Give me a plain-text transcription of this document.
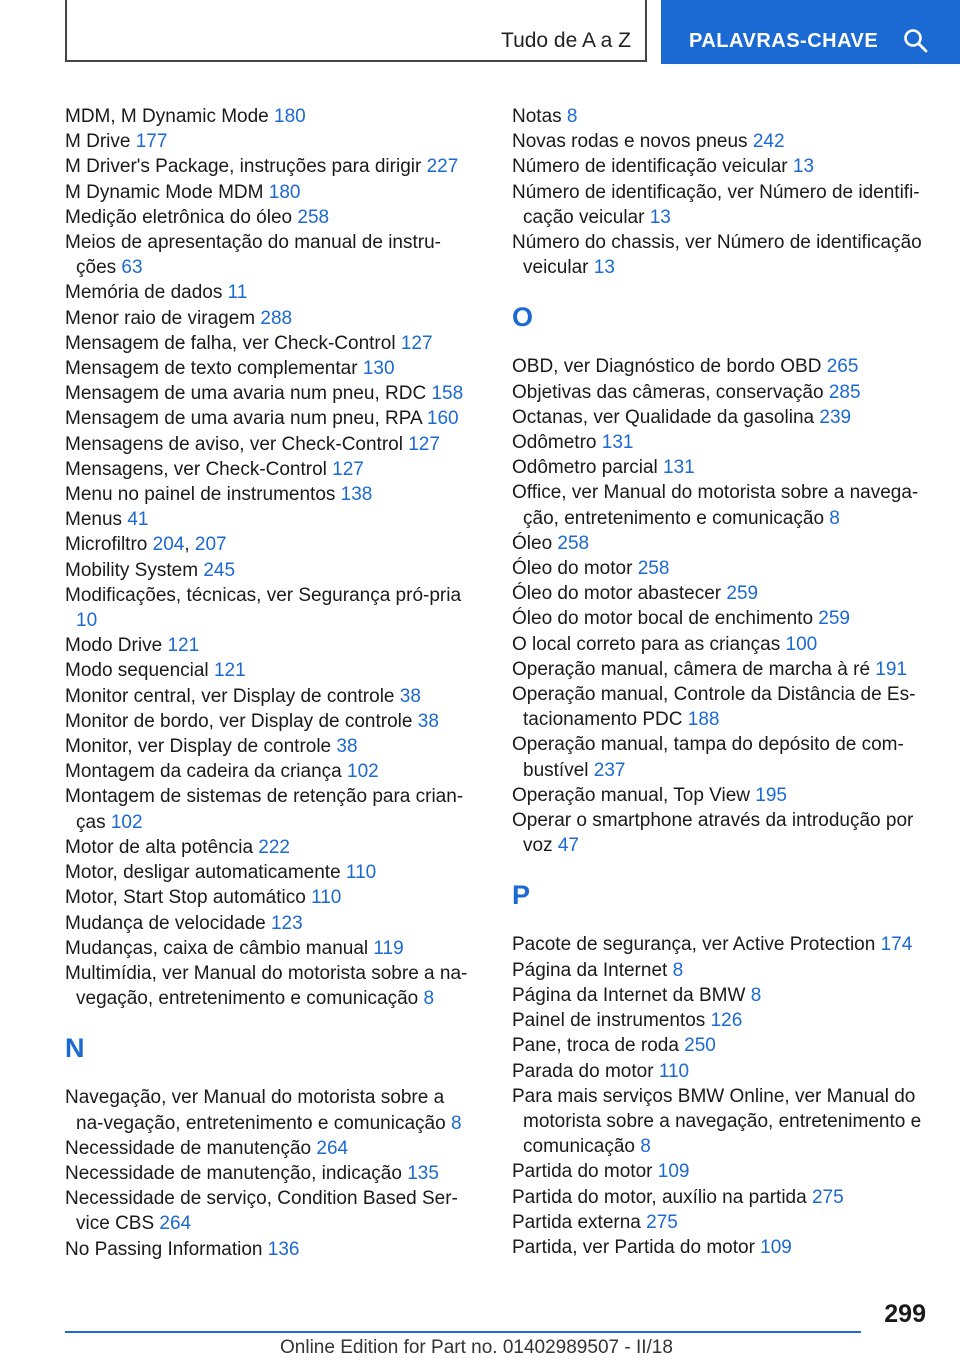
Tudo de A a Z	PALAVRAS-CHAVE
MDM, M Dynamic Mode 180
M Drive 177
M Driver's Package, instruções para dirigir 227
M Dynamic Mode MDM 180
Medição eletrônica do óleo 258
Meios de apresentação do manual de instru-ções 63
Memória de dados 11
Menor raio de viragem 288
Mensagem de falha, ver Check-Control 127
Mensagem de texto complementar 130
Mensagem de uma avaria num pneu, RDC 158
Mensagem de uma avaria num pneu, RPA 160
Mensagens de aviso, ver Check-Control 127
Mensagens, ver Check-Control 127
Menu no painel de instrumentos 138
Menus 41
Microfiltro 204, 207
Mobility System 245
Modificações, técnicas, ver Segurança pró-pria 10
Modo Drive 121
Modo sequencial 121
Monitor central, ver Display de controle 38
Monitor de bordo, ver Display de controle 38
Monitor, ver Display de controle 38
Montagem da cadeira da criança 102
Montagem de sistemas de retenção para crian-ças 102
Motor de alta potência 222
Motor, desligar automaticamente 110
Motor, Start Stop automático 110
Mudança de velocidade 123
Mudanças, caixa de câmbio manual 119
Multimídia, ver Manual do motorista sobre a na-vegação, entretenimento e comunicação 8
N
Navegação, ver Manual do motorista sobre a na-vegação, entretenimento e comunicação 8
Necessidade de manutenção 264
Necessidade de manutenção, indicação 135
Necessidade de serviço, Condition Based Ser-vice CBS 264
No Passing Information 136
Notas 8
Novas rodas e novos pneus 242
Número de identificação veicular 13
Número de identificação, ver Número de identifi-cação veicular 13
Número do chassis, ver Número de identificação veicular 13
O
OBD, ver Diagnóstico de bordo OBD 265
Objetivas das câmeras, conservação 285
Octanas, ver Qualidade da gasolina 239
Odômetro 131
Odômetro parcial 131
Office, ver Manual do motorista sobre a navega-ção, entretenimento e comunicação 8
Óleo 258
Óleo do motor 258
Óleo do motor abastecer 259
Óleo do motor bocal de enchimento 259
O local correto para as crianças 100
Operação manual, câmera de marcha à ré 191
Operação manual, Controle da Distância de Es-tacionamento PDC 188
Operação manual, tampa do depósito de com-bustível 237
Operação manual, Top View 195
Operar o smartphone através da introdução por voz 47
P
Pacote de segurança, ver Active Protection 174
Página da Internet 8
Página da Internet da BMW 8
Painel de instrumentos 126
Pane, troca de roda 250
Parada do motor 110
Para mais serviços BMW Online, ver Manual do motorista sobre a navegação, entretenimento e comunicação 8
Partida do motor 109
Partida do motor, auxílio na partida 275
Partida externa 275
Partida, ver Partida do motor 109
299
Online Edition for Part no. 01402989507 - II/18
